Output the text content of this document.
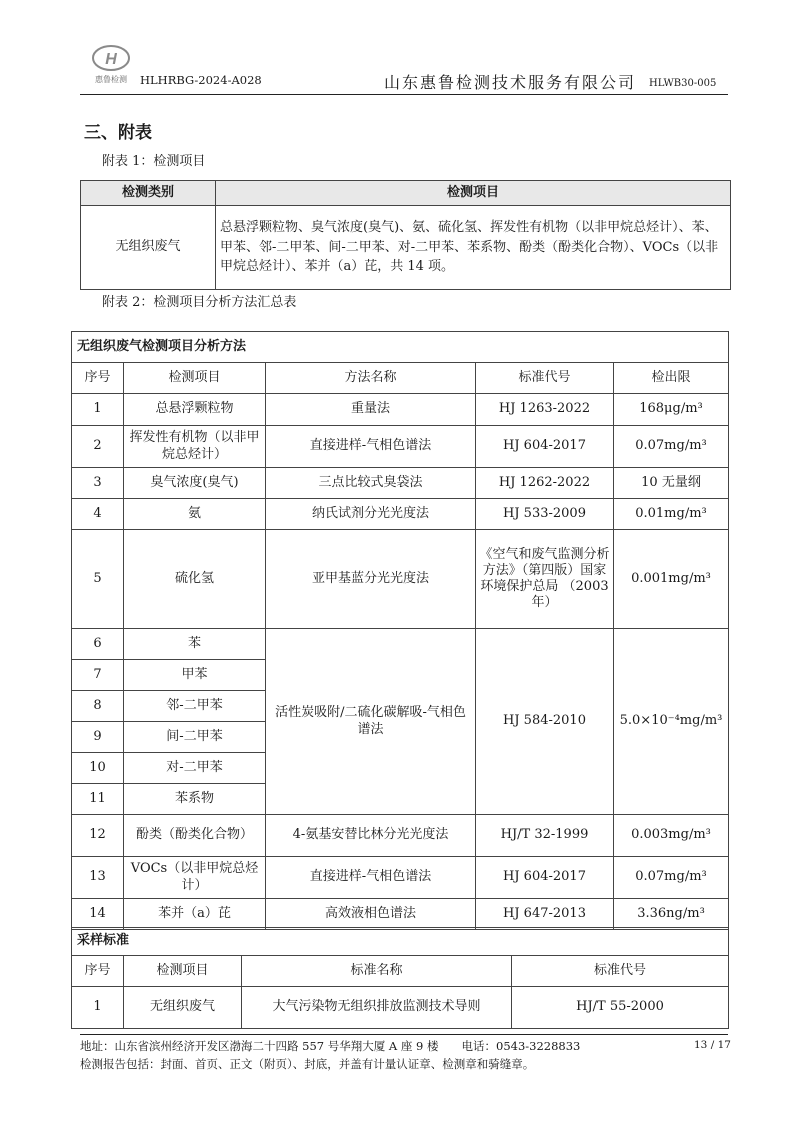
H
惠鲁检测 HLHRBG-2024-A028	山东惠鲁检测技术服务有限公司 HLWB30-005
三、附表
附表 1：检测项目
检测类别	检测项目
无组织废气	总悬浮颗粒物、臭气浓度(臭气)、氨、硫化氢、挥发性有机物（以非甲烷总烃计）、苯、甲苯、邻-二甲苯、间-二甲苯、对-二甲苯、苯系物、酚类（酚类化合物）、VOCs（以非甲烷总烃计）、苯并（a）芘，共 14 项。
附表 2：检测项目分析方法汇总表
无组织废气检测项目分析方法				
序号	检测项目	方法名称	标准代号	检出限
1	总悬浮颗粒物	重量法	HJ 1263-2022	168μg/m³
2	挥发性有机物（以非甲烷总烃计）	直接进样-气相色谱法	HJ 604-2017	0.07mg/m³
3	臭气浓度(臭气)	三点比较式臭袋法	HJ 1262-2022	10 无量纲
4	氨	纳氏试剂分光光度法	HJ 533-2009	0.01mg/m³
5	硫化氢	亚甲基蓝分光光度法	《空气和废气监测分析方法》（第四版）国家环境保护总局 （2003 年）	0.001mg/m³
6	苯	活性炭吸附/二硫化碳解吸-气相色谱法	HJ 584-2010	5.0×10⁻⁴mg/m³
7	甲苯			
8	邻-二甲苯			
9	间-二甲苯			
10	对-二甲苯			
11	苯系物			
12	酚类（酚类化合物）	4-氨基安替比林分光光度法	HJ/T 32-1999	0.003mg/m³
13	VOCs（以非甲烷总烃计）	直接进样-气相色谱法	HJ 604-2017	0.07mg/m³
14	苯并（a）芘	高效液相色谱法	HJ 647-2013	3.36ng/m³
采样标准			
序号	检测项目	标准名称	标准代号
1	无组织废气	大气污染物无组织排放监测技术导则	HJ/T 55-2000
地址：山东省滨州经济开发区渤海二十四路 557 号华翔大厦 A 座 9 楼　　电话：0543-3228833	13 / 17
检测报告包括：封面、首页、正文（附页）、封底，并盖有计量认证章、检测章和骑缝章。
